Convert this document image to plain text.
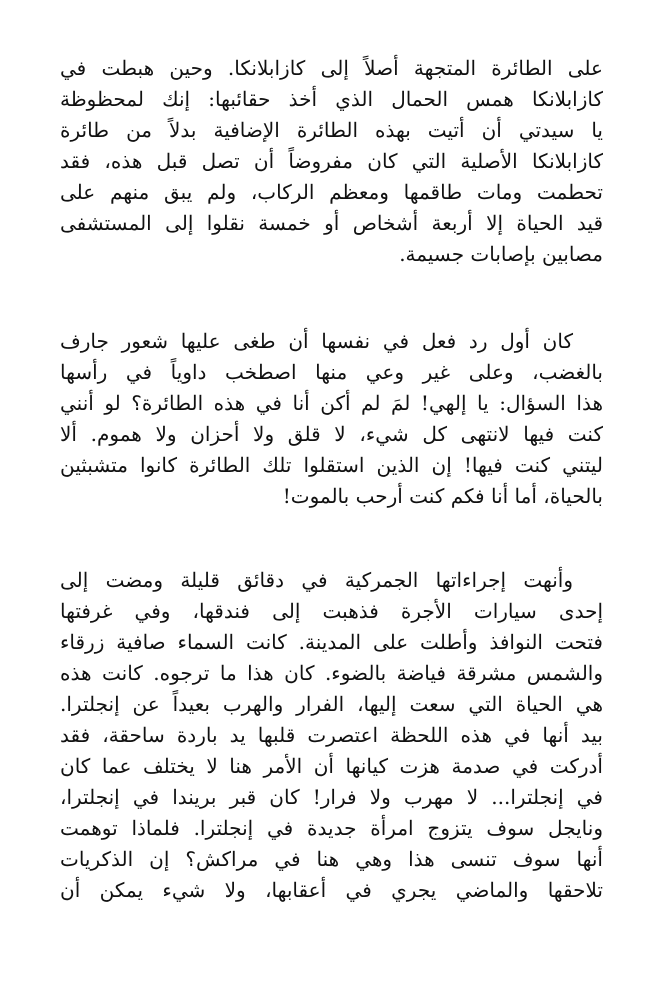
على الطائرة المتجهة أصلاً إلى كازابلانكا. وحين هبطت في
كازابلانكا همس الحمال الذي أخذ حقائبها: إنك لمحظوظة
يا سيدتي أن أتيت بهذه الطائرة الإضافية بدلاً من طائرة
كازابلانكا الأصلية التي كان مفروضاً أن تصل قبل هذه، فقد
تحطمت ومات طاقمها ومعظم الركاب، ولم يبق منهم على
قيد الحياة إلا أربعة أشخاص أو خمسة نقلوا إلى المستشفى
مصابين بإصابات جسيمة.
كان أول رد فعل في نفسها أن طغى عليها شعور جارف
بالغضب، وعلى غير وعي منها اصطخب داوياً في رأسها
هذا السؤال: يا إلهي! لمَ لم أكن أنا في هذه الطائرة؟ لو أنني
كنت فيها لانتهى كل شيء، لا قلق ولا أحزان ولا هموم. ألا
ليتني كنت فيها! إن الذين استقلوا تلك الطائرة كانوا متشبثين
بالحياة، أما أنا فكم كنت أرحب بالموت!
وأنهت إجراءاتها الجمركية في دقائق قليلة ومضت إلى
إحدى سيارات الأجرة فذهبت إلى فندقها، وفي غرفتها
فتحت النوافذ وأطلت على المدينة. كانت السماء صافية زرقاء
والشمس مشرقة فياضة بالضوء. كان هذا ما ترجوه. كانت هذه
هي الحياة التي سعت إليها، الفرار والهرب بعيداً عن إنجلترا.
بيد أنها في هذه اللحظة اعتصرت قلبها يد باردة ساحقة، فقد
أدركت في صدمة هزت كيانها أن الأمر هنا لا يختلف عما كان
في إنجلترا... لا مهرب ولا فرار! كان قبر بريندا في إنجلترا،
ونايجل سوف يتزوج امرأة جديدة في إنجلترا. فلماذا توهمت
أنها سوف تنسى هذا وهي هنا في مراكش؟ إن الذكريات
تلاحقها والماضي يجري في أعقابها، ولا شيء يمكن أن
